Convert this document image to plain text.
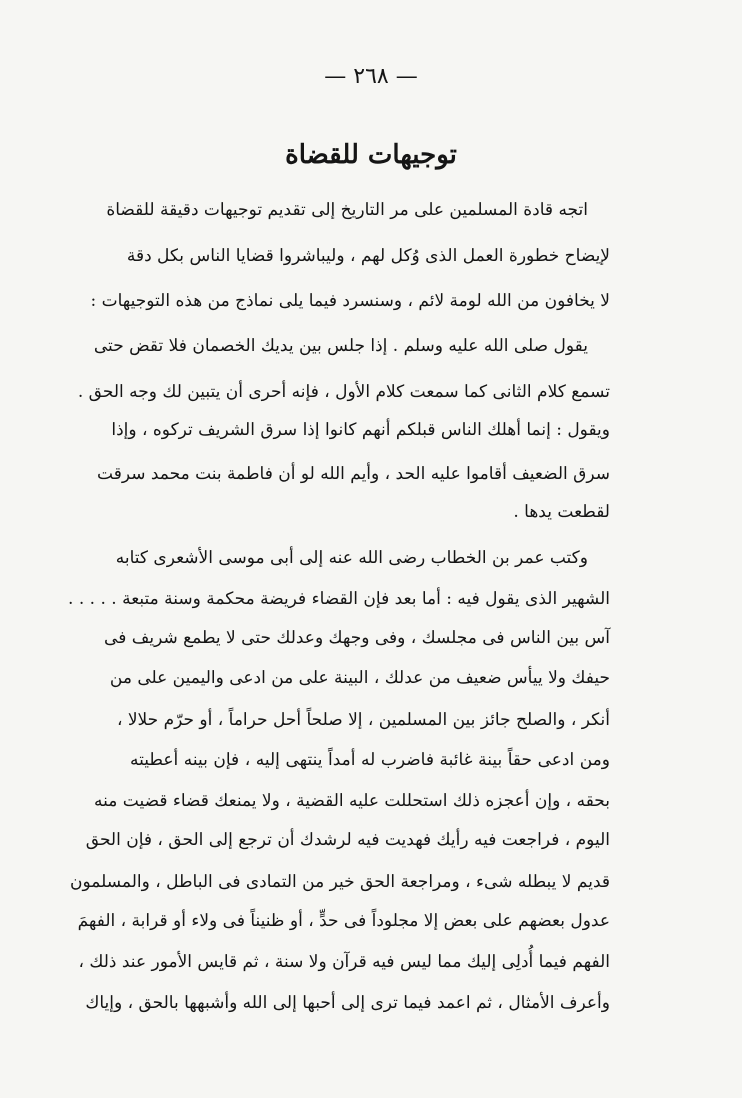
— ٢٦٨ —
توجيهات للقضاة
اتجه قادة المسلمين على مر التاريخ إلى تقديم توجيهات دقيقة للقضاة
لإيضاح خطورة العمل الذى وُكل لهم ، وليباشروا قضايا الناس بكل دقة
لا يخافون من الله لومة لائم ، وسنسرد فيما يلى نماذج من هذه التوجيهات :
يقول صلى الله عليه وسلم . إذا جلس بين يديك الخصمان فلا تقض حتى
تسمع كلام الثانى كما سمعت كلام الأول ، فإنه أحرى أن يتبين لك وجه الحق .
ويقول : إنما أهلك الناس قبلكم أنهم كانوا إذا سرق الشريف تركوه ، وإذا
سرق الضعيف أقاموا عليه الحد ، وأيم الله لو أن فاطمة بنت محمد سرقت
لقطعت يدها .
وكتب عمر بن الخطاب رضى الله عنه إلى أبى موسى الأشعرى كتابه
الشهير الذى يقول فيه : أما بعد فإن القضاء فريضة محكمة وسنة متبعة . . . . .
آس بين الناس فى مجلسك ، وفى وجهك وعدلك حتى لا يطمع شريف فى
حيفك ولا ييأس ضعيف من عدلك ، البينة على من ادعى واليمين على من
أنكر ، والصلح جائز بين المسلمين ، إلا صلحاً أحل حراماً ، أو حرّم حلالا ،
ومن ادعى حقاً بينة غائبة فاضرب له أمداً ينتهى إليه ، فإن بينه أعطيته
بحقه ، وإن أعجزه ذلك استحللت عليه القضية ، ولا يمنعك قضاء قضيت منه
اليوم ، فراجعت فيه رأيك فهديت فيه لرشدك أن ترجع إلى الحق ، فإن الحق
قديم لا يبطله شىء ، ومراجعة الحق خير من التمادى فى الباطل ، والمسلمون
عدول بعضهم على بعض إلا مجلوداً فى حدٍّ ، أو ظنيناً فى ولاء أو قرابة ، الفهمَ
الفهم فيما أُدلِى إليك مما ليس فيه قرآن ولا سنة ، ثم قايس الأمور عند ذلك ،
وأعرف الأمثال ، ثم اعمد فيما ترى إلى أحبها إلى الله وأشبهها بالحق ، وإياك
